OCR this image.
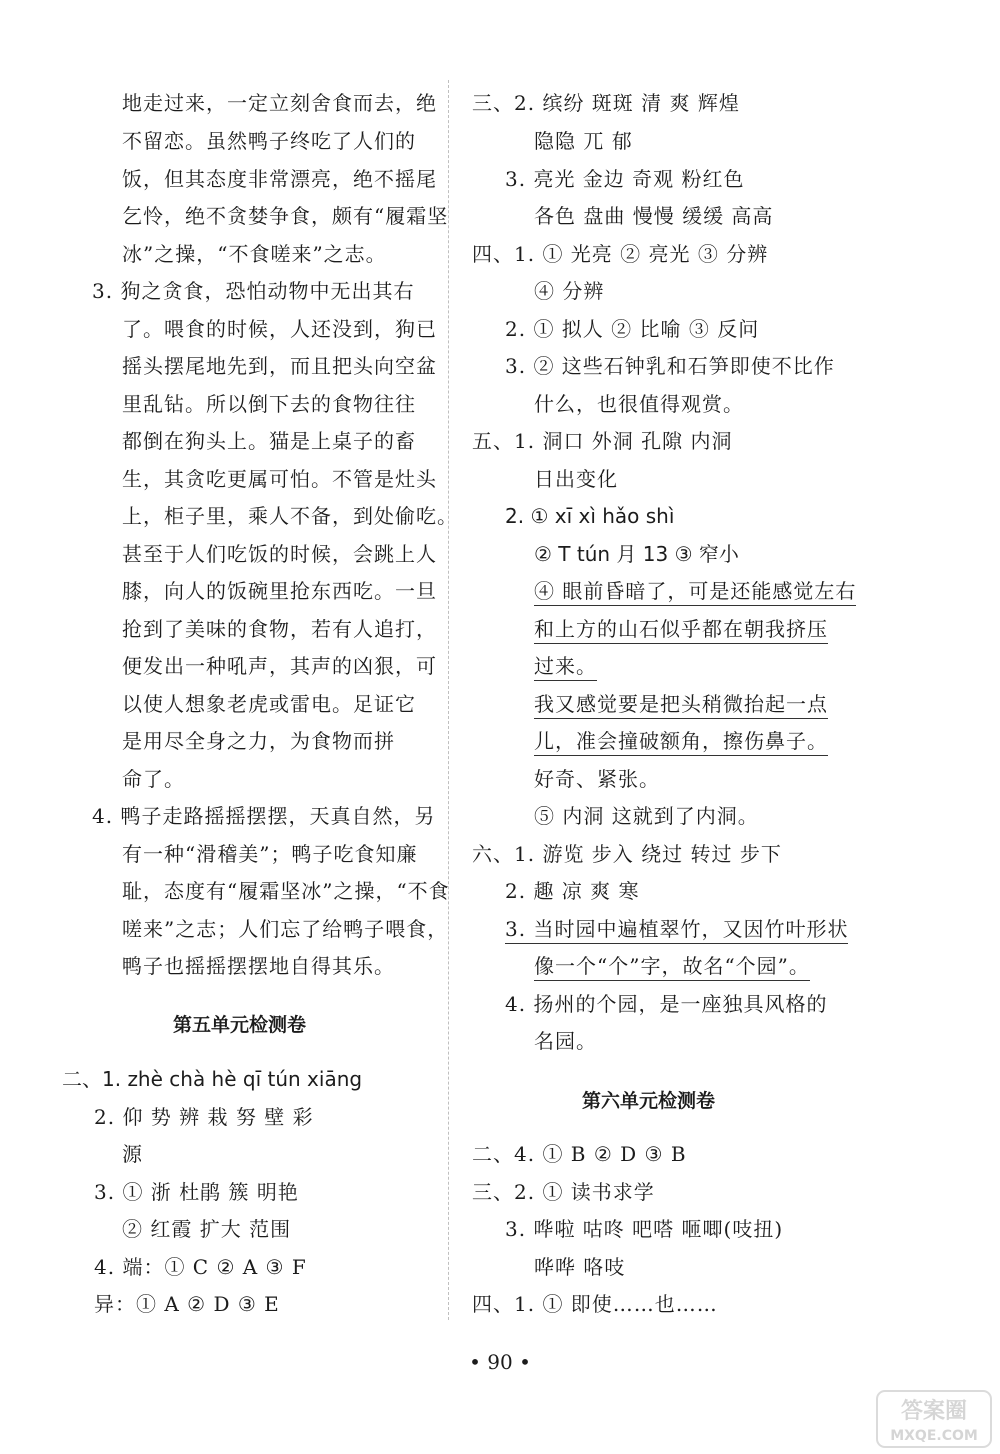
地走过来，一定立刻舍食而去，绝
不留恋。虽然鸭子终吃了人们的
饭，但其态度非常漂亮，绝不摇尾
乞怜，绝不贪婪争食，颇有“履霜坚
冰”之操，“不食嗟来”之志。
3. 狗之贪食，恐怕动物中无出其右
了。喂食的时候，人还没到，狗已
摇头摆尾地先到，而且把头向空盆
里乱钻。所以倒下去的食物往往
都倒在狗头上。猫是上桌子的畜
生，其贪吃更属可怕。不管是灶头
上，柜子里，乘人不备，到处偷吃。
甚至于人们吃饭的时候，会跳上人
膝，向人的饭碗里抢东西吃。一旦
抢到了美味的食物，若有人追打，
便发出一种吼声，其声的凶狠，可
以使人想象老虎或雷电。足证它
是用尽全身之力，为食物而拼
命了。
4. 鸭子走路摇摇摆摆，天真自然，另
有一种“滑稽美”；鸭子吃食知廉
耻，态度有“履霜坚冰”之操，“不食
嗟来”之志；人们忘了给鸭子喂食，
鸭子也摇摇摆摆地自得其乐。
第五单元检测卷
二、1. zhè chà hè qī tún xiāng
2. 仰 势 辨 栽 努 壁 彩
源
3. ① 浙 杜鹃 簇 明艳
② 红霞 扩大 范围
4. 端：① C ② A ③ F
异：① A ② D ③ E
三、2. 缤纷 斑斑 清 爽 辉煌
隐隐 兀 郁
3. 亮光 金边 奇观 粉红色
各色 盘曲 慢慢 缓缓 高高
四、1. ① 光亮 ② 亮光 ③ 分辨
④ 分辨
2. ① 拟人 ② 比喻 ③ 反问
3. ② 这些石钟乳和石笋即使不比作
什么，也很值得观赏。
五、1. 洞口 外洞 孔隙 内洞
日出变化
2. ① xī xì hǎo shì
② T tún 月 13 ③ 窄小
④ 眼前昏暗了，可是还能感觉左右
和上方的山石似乎都在朝我挤压
过来。
我又感觉要是把头稍微抬起一点
儿，准会撞破额角，擦伤鼻子。
好奇、紧张。
⑤ 内洞 这就到了内洞。
六、1. 游览 步入 绕过 转过 步下
2. 趣 凉 爽 寒
3. 当时园中遍植翠竹，又因竹叶形状
像一个“个”字，故名“个园”。
4. 扬州的个园，是一座独具风格的
名园。
第六单元检测卷
二、4. ① B ② D ③ B
三、2. ① 读书求学
3. 哗啦 咕咚 吧嗒 咂唧(吱扭)
哗哗 咯吱
四、1. ① 即使……也……
• 90 •
答案圈
MXQE.COM
